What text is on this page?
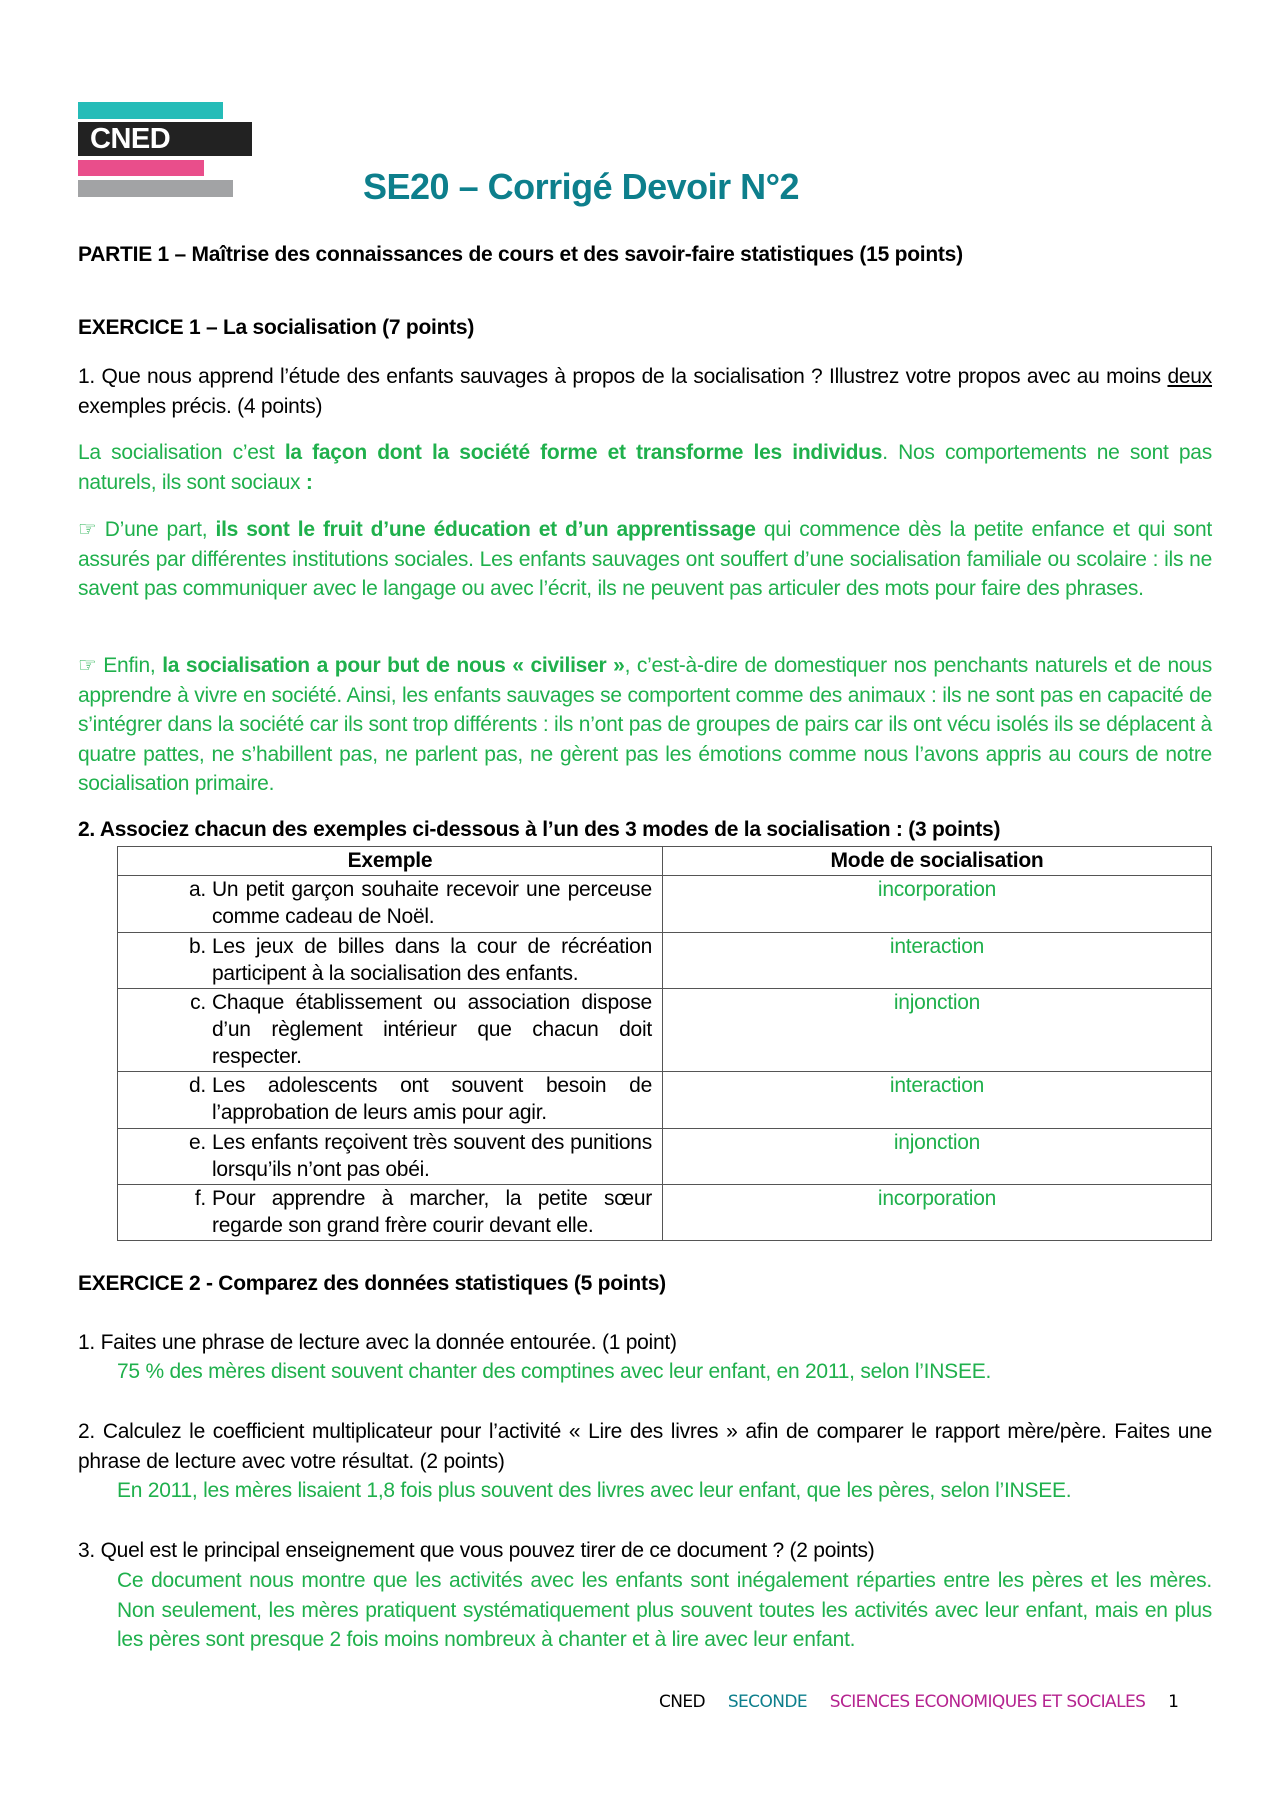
CNED
SE20 – Corrigé Devoir N°2
PARTIE 1 – Maîtrise des connaissances de cours et des savoir-faire statistiques (15 points)
EXERCICE 1 – La socialisation (7 points)
1. Que nous apprend l’étude des enfants sauvages à propos de la socialisation ? Illustrez votre propos avec au moins deux exemples précis. (4 points)
La socialisation c’est la façon dont la société forme et transforme les individus. Nos comportements ne sont pas naturels, ils sont sociaux :
☞ D’une part, ils sont le fruit d’une éducation et d’un apprentissage qui commence dès la petite enfance et qui sont assurés par différentes institutions sociales. Les enfants sauvages ont souffert d’une socialisation familiale ou scolaire : ils ne savent pas communiquer avec le langage ou avec l’écrit, ils ne peuvent pas articuler des mots pour faire des phrases.
☞ Enfin, la socialisation a pour but de nous « civiliser », c’est-à-dire de domestiquer nos penchants naturels et de nous apprendre à vivre en société. Ainsi, les enfants sauvages se comportent comme des animaux : ils ne sont pas en capacité de s’intégrer dans la société car ils sont trop différents : ils n’ont pas de groupes de pairs car ils ont vécu isolés ils se déplacent à quatre pattes, ne s’habillent pas, ne parlent pas, ne gèrent pas les émotions comme nous l’avons appris au cours de notre socialisation primaire.
2. Associez chacun des exemples ci-dessous à l’un des 3 modes de la socialisation : (3 points)
Exemple	Mode de socialisation

a. Un petit garçon souhaite recevoir une perceuse comme cadeau de Noël.	incorporation

b. Les jeux de billes dans la cour de récréation participent à la socialisation des enfants.	interaction

c. Chaque établissement ou association dispose d’un règlement intérieur que chacun doit respecter.	injonction

d. Les adolescents ont souvent besoin de l’approbation de leurs amis pour agir.	interaction

e. Les enfants reçoivent très souvent des punitions lorsqu’ils n’ont pas obéi.	injonction

f. Pour apprendre à marcher, la petite sœur regarde son grand frère courir devant elle.	incorporation
EXERCICE 2 - Comparez des données statistiques (5 points)
1. Faites une phrase de lecture avec la donnée entourée. (1 point)
75 % des mères disent souvent chanter des comptines avec leur enfant, en 2011, selon l’INSEE.
2. Calculez le coefficient multiplicateur pour l’activité « Lire des livres » afin de comparer le rapport mère/père. Faites une phrase de lecture avec votre résultat. (2 points)
En 2011, les mères lisaient 1,8 fois plus souvent des livres avec leur enfant, que les pères, selon l’INSEE.
3. Quel est le principal enseignement que vous pouvez tirer de ce document ? (2 points)
Ce document nous montre que les activités avec les enfants sont inégalement réparties entre les pères et les mères. Non seulement, les mères pratiquent systématiquement plus souvent toutes les activités avec leur enfant, mais en plus les pères sont presque 2 fois moins nombreux à chanter et à lire avec leur enfant.
CNED SECONDE SCIENCES ECONOMIQUES ET SOCIALES 1
